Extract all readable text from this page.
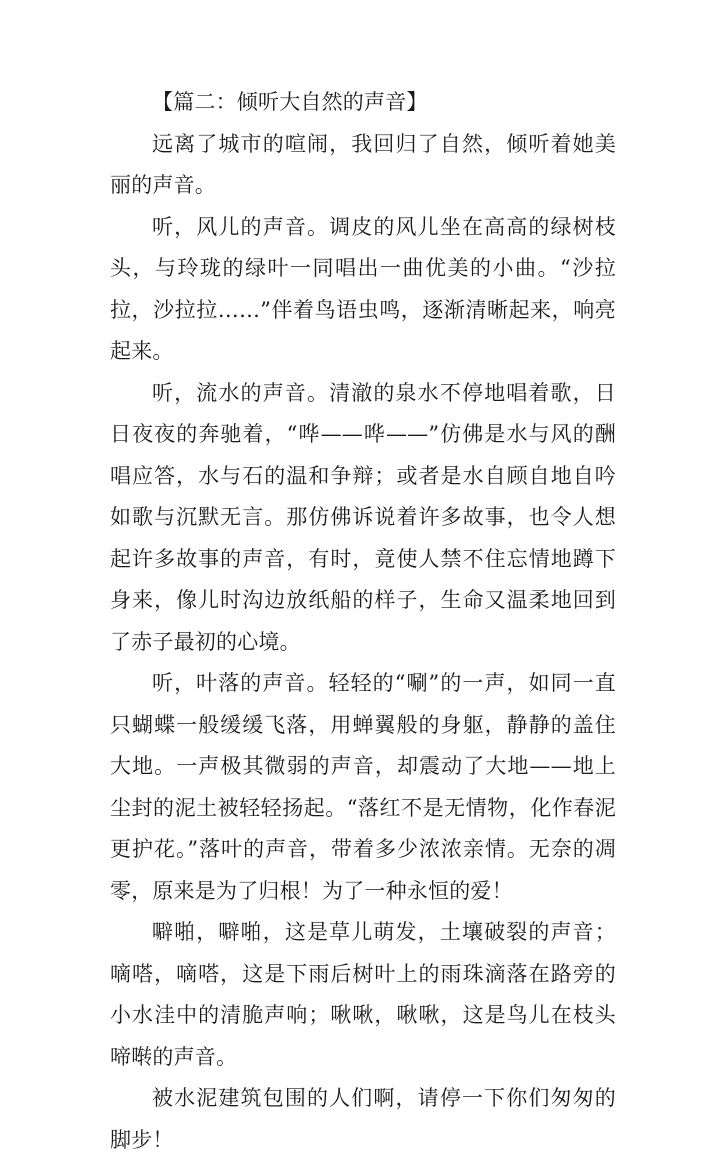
【篇二：倾听大自然的声音】

远离了城市的喧闹，我回归了自然，倾听着她美丽的声音。

听，风儿的声音。调皮的风儿坐在高高的绿树枝头，与玲珑的绿叶一同唱出一曲优美的小曲。“沙拉拉，沙拉拉……”伴着鸟语虫鸣，逐渐清晰起来，响亮起来。

听，流水的声音。清澈的泉水不停地唱着歌，日日夜夜的奔驰着，“哗——哗——”仿佛是水与风的酬唱应答，水与石的温和争辩；或者是水自顾自地自吟如歌与沉默无言。那仿佛诉说着许多故事，也令人想起许多故事的声音，有时，竟使人禁不住忘情地蹲下身来，像儿时沟边放纸船的样子，生命又温柔地回到了赤子最初的心境。

听，叶落的声音。轻轻的“唰”的一声，如同一直只蝴蝶一般缓缓飞落，用蝉翼般的身躯，静静的盖住大地。一声极其微弱的声音，却震动了大地——地上尘封的泥土被轻轻扬起。“落红不是无情物，化作春泥更护花。”落叶的声音，带着多少浓浓亲情。无奈的凋零，原来是为了归根！为了一种永恒的爱！

噼啪，噼啪，这是草儿萌发，土壤破裂的声音；嘀嗒，嘀嗒，这是下雨后树叶上的雨珠滴落在路旁的小水洼中的清脆声响；啾啾，啾啾，这是鸟儿在枝头啼啭的声音。

被水泥建筑包围的人们啊，请停一下你们匆匆的脚步！
